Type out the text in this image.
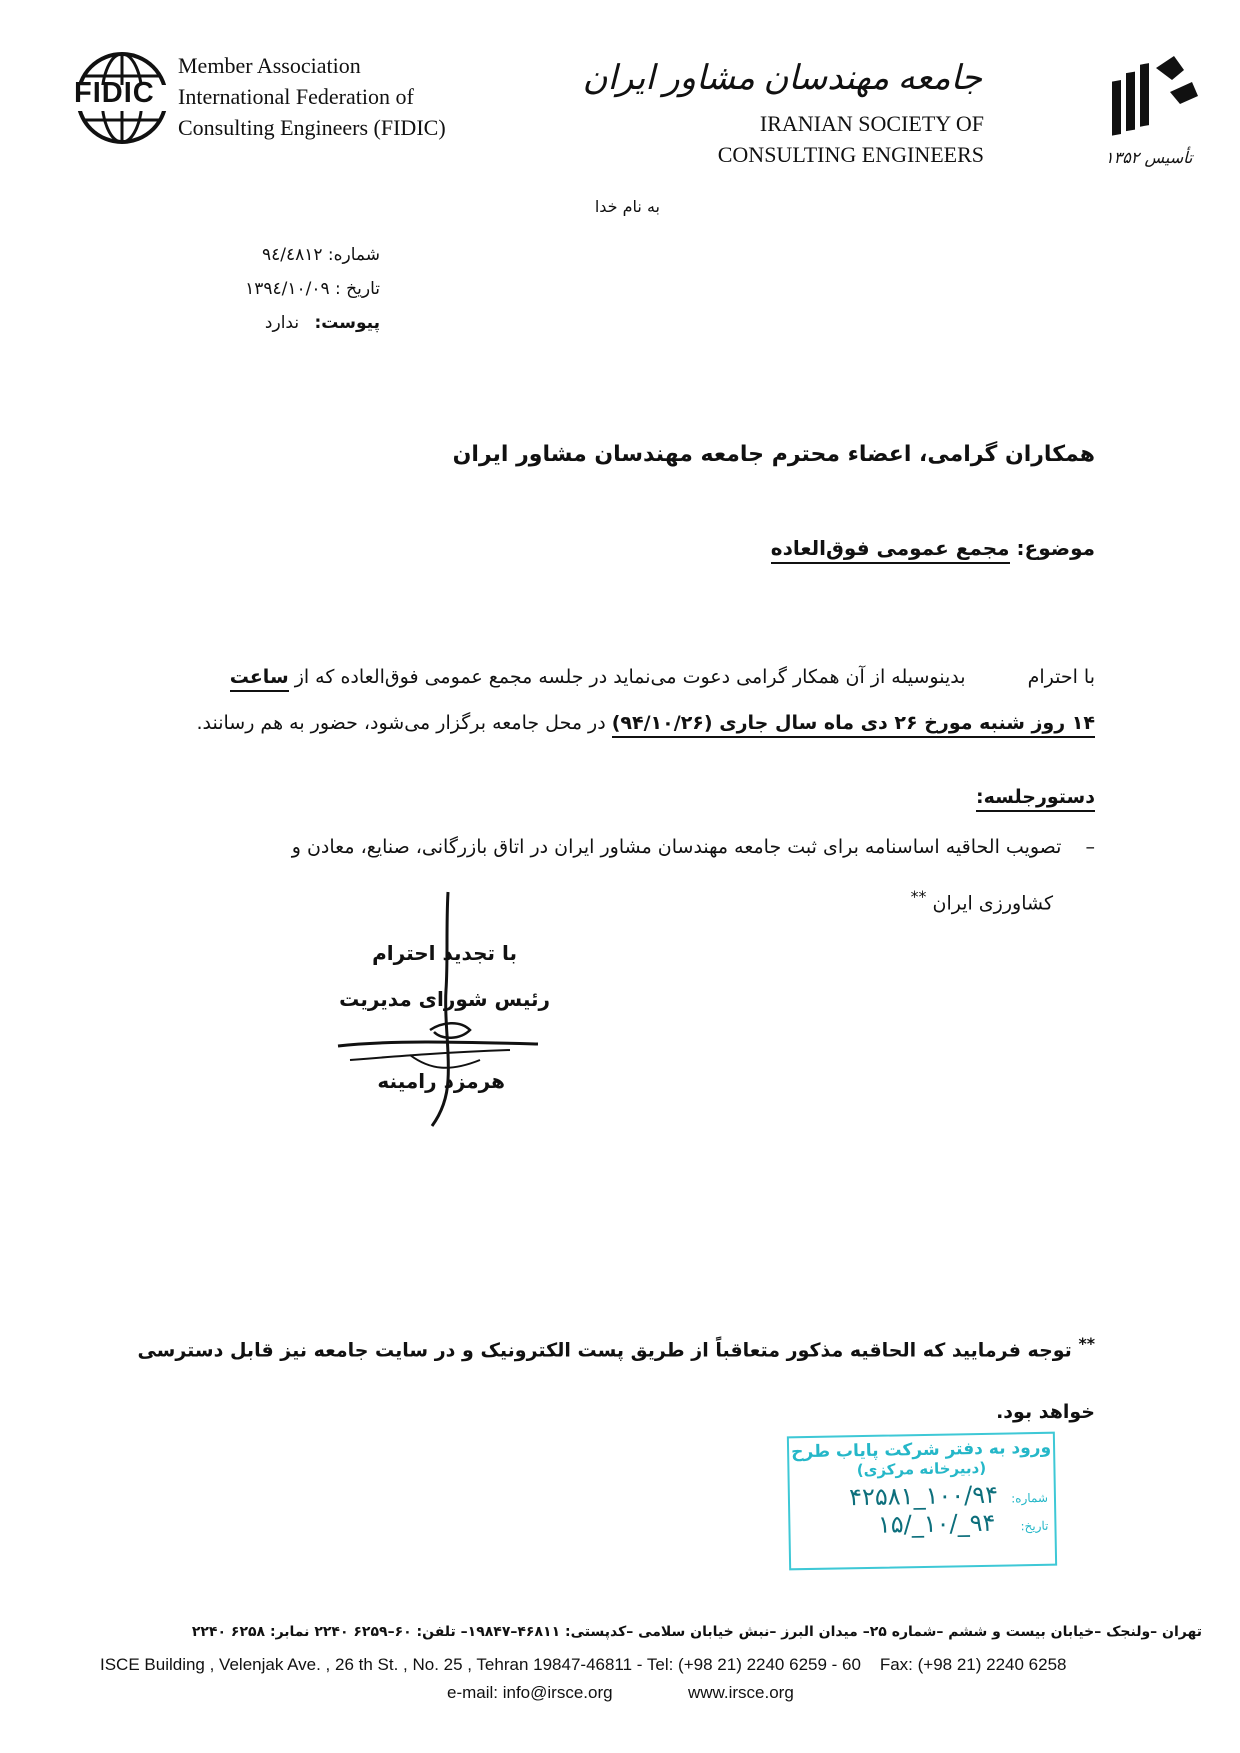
FIDIC
Member Association
International Federation of
Consulting Engineers (FIDIC)
جامعه مهندسان مشاور ایران
IRANIAN SOCIETY OF
CONSULTING ENGINEERS	تأسیس ۱۳۵۲
به نام خدا
شماره: ۹٤/٤۸۱۲
تاریخ : ۱۳۹٤/۱۰/۰۹
پیوست: ندارد
همکاران گرامی، اعضاء محترم جامعه مهندسان مشاور ایران
موضوع: مجمع عمومی فوق‌العاده
با احترام  بدینوسیله از آن همکار گرامی دعوت می‌نماید در جلسه مجمع عمومی فوق‌العاده که از ساعت
۱۴ روز شنبه مورخ ۲۶ دی ماه سال جاری (۹۴/۱۰/۲۶) در محل جامعه برگزار می‌شود، حضور به هم رسانند.
دستورجلسه:
– تصویب الحاقیه اساسنامه برای ثبت جامعه مهندسان مشاور ایران در اتاق بازرگانی، صنایع، معادن و
کشاورزی ایران **
با تجدید احترام
رئیس شورای مدیریت
هرمزد رامینه
** توجه فرمایید که الحاقیه مذکور متعاقباً از طریق پست الکترونیک و در سایت جامعه نیز قابل دسترسی
خواهد بود.
ورود به دفتر شرکت پایاب طرح
(دبیرخانه مرکزی)
شماره: ۱۰۰/۹۴_۴۲۵۸۱
تاریخ: ۹۴_/۱۰_/۱۵
تهران –ولنجک –خیابان بیست و ششم –شماره ۲۵– میدان البرز –نبش خیابان سلامی –کدپستی: ۴۶۸۱۱–۱۹۸۴۷– تلفن: ۶۰–۶۲۵۹ ۲۲۴۰ نمابر: ۶۲۵۸ ۲۲۴۰
ISCE Building , Velenjak Ave. , 26 th St. , No. 25 , Tehran 19847-46811 - Tel: (+98 21) 2240 6259 - 60    Fax: (+98 21) 2240 6258
e-mail: info@irsce.org	www.irsce.org
